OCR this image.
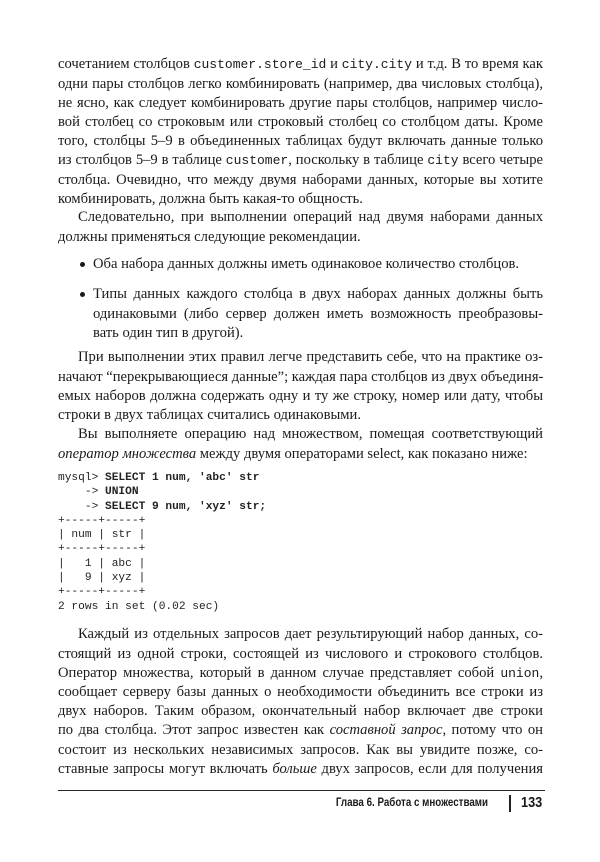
сочетанием столбцов customer.store_id и city.city и т.д. В то время как
одни пары столбцов легко комбинировать (например, два числовых столбца),
не ясно, как следует комбинировать другие пары столбцов, например число-
вой столбец со строковым или строковый столбец со столбцом даты. Кроме
того, столбцы 5–9 в объединенных таблицах будут включать данные только
из столбцов 5–9 в таблице customer, поскольку в таблице city всего четыре
столбца. Очевидно, что между двумя наборами данных, которые вы хотите
комбинировать, должна быть какая-то общность.
Следовательно, при выполнении операций над двумя наборами данных
должны применяться следующие рекомендации.
При выполнении этих правил легче представить себе, что на практике оз-
начают “перекрывающиеся данные”; каждая пара столбцов из двух объединя-
емых наборов должна содержать одну и ту же строку, номер или дату, чтобы
строки в двух таблицах считались одинаковыми.
Вы выполняете операцию над множеством, помещая соответствующий
оператор множества между двумя операторами select, как показано ниже:
Каждый из отдельных запросов дает результирующий набор данных, со-
стоящий из одной строки, состоящей из числового и строкового столбцов.
Оператор множества, который в данном случае представляет собой union,
сообщает серверу базы данных о необходимости объединить все строки из
двух наборов. Таким образом, окончательный набор включает две строки
по два столбца. Этот запрос известен как составной запрос, потому что он
состоит из нескольких независимых запросов. Как вы увидите позже, со-
ставные запросы могут включать больше двух запросов, если для получения
Оба набора данных должны иметь одинаковое количество столбцов.
Типы данных каждого столбца в двух наборах данных должны быть
одинаковыми (либо сервер должен иметь возможность преобразовы-
вать один тип в другой).
mysql> SELECT 1 num, 'abc' str
-> UNION
-> SELECT 9 num, 'xyz' str;
+-----+-----+
| num | str |
+-----+-----+
|   1 | abc |
|   9 | xyz |
+-----+-----+
2 rows in set (0.02 sec)
Глава 6. Работа с множествами 133
